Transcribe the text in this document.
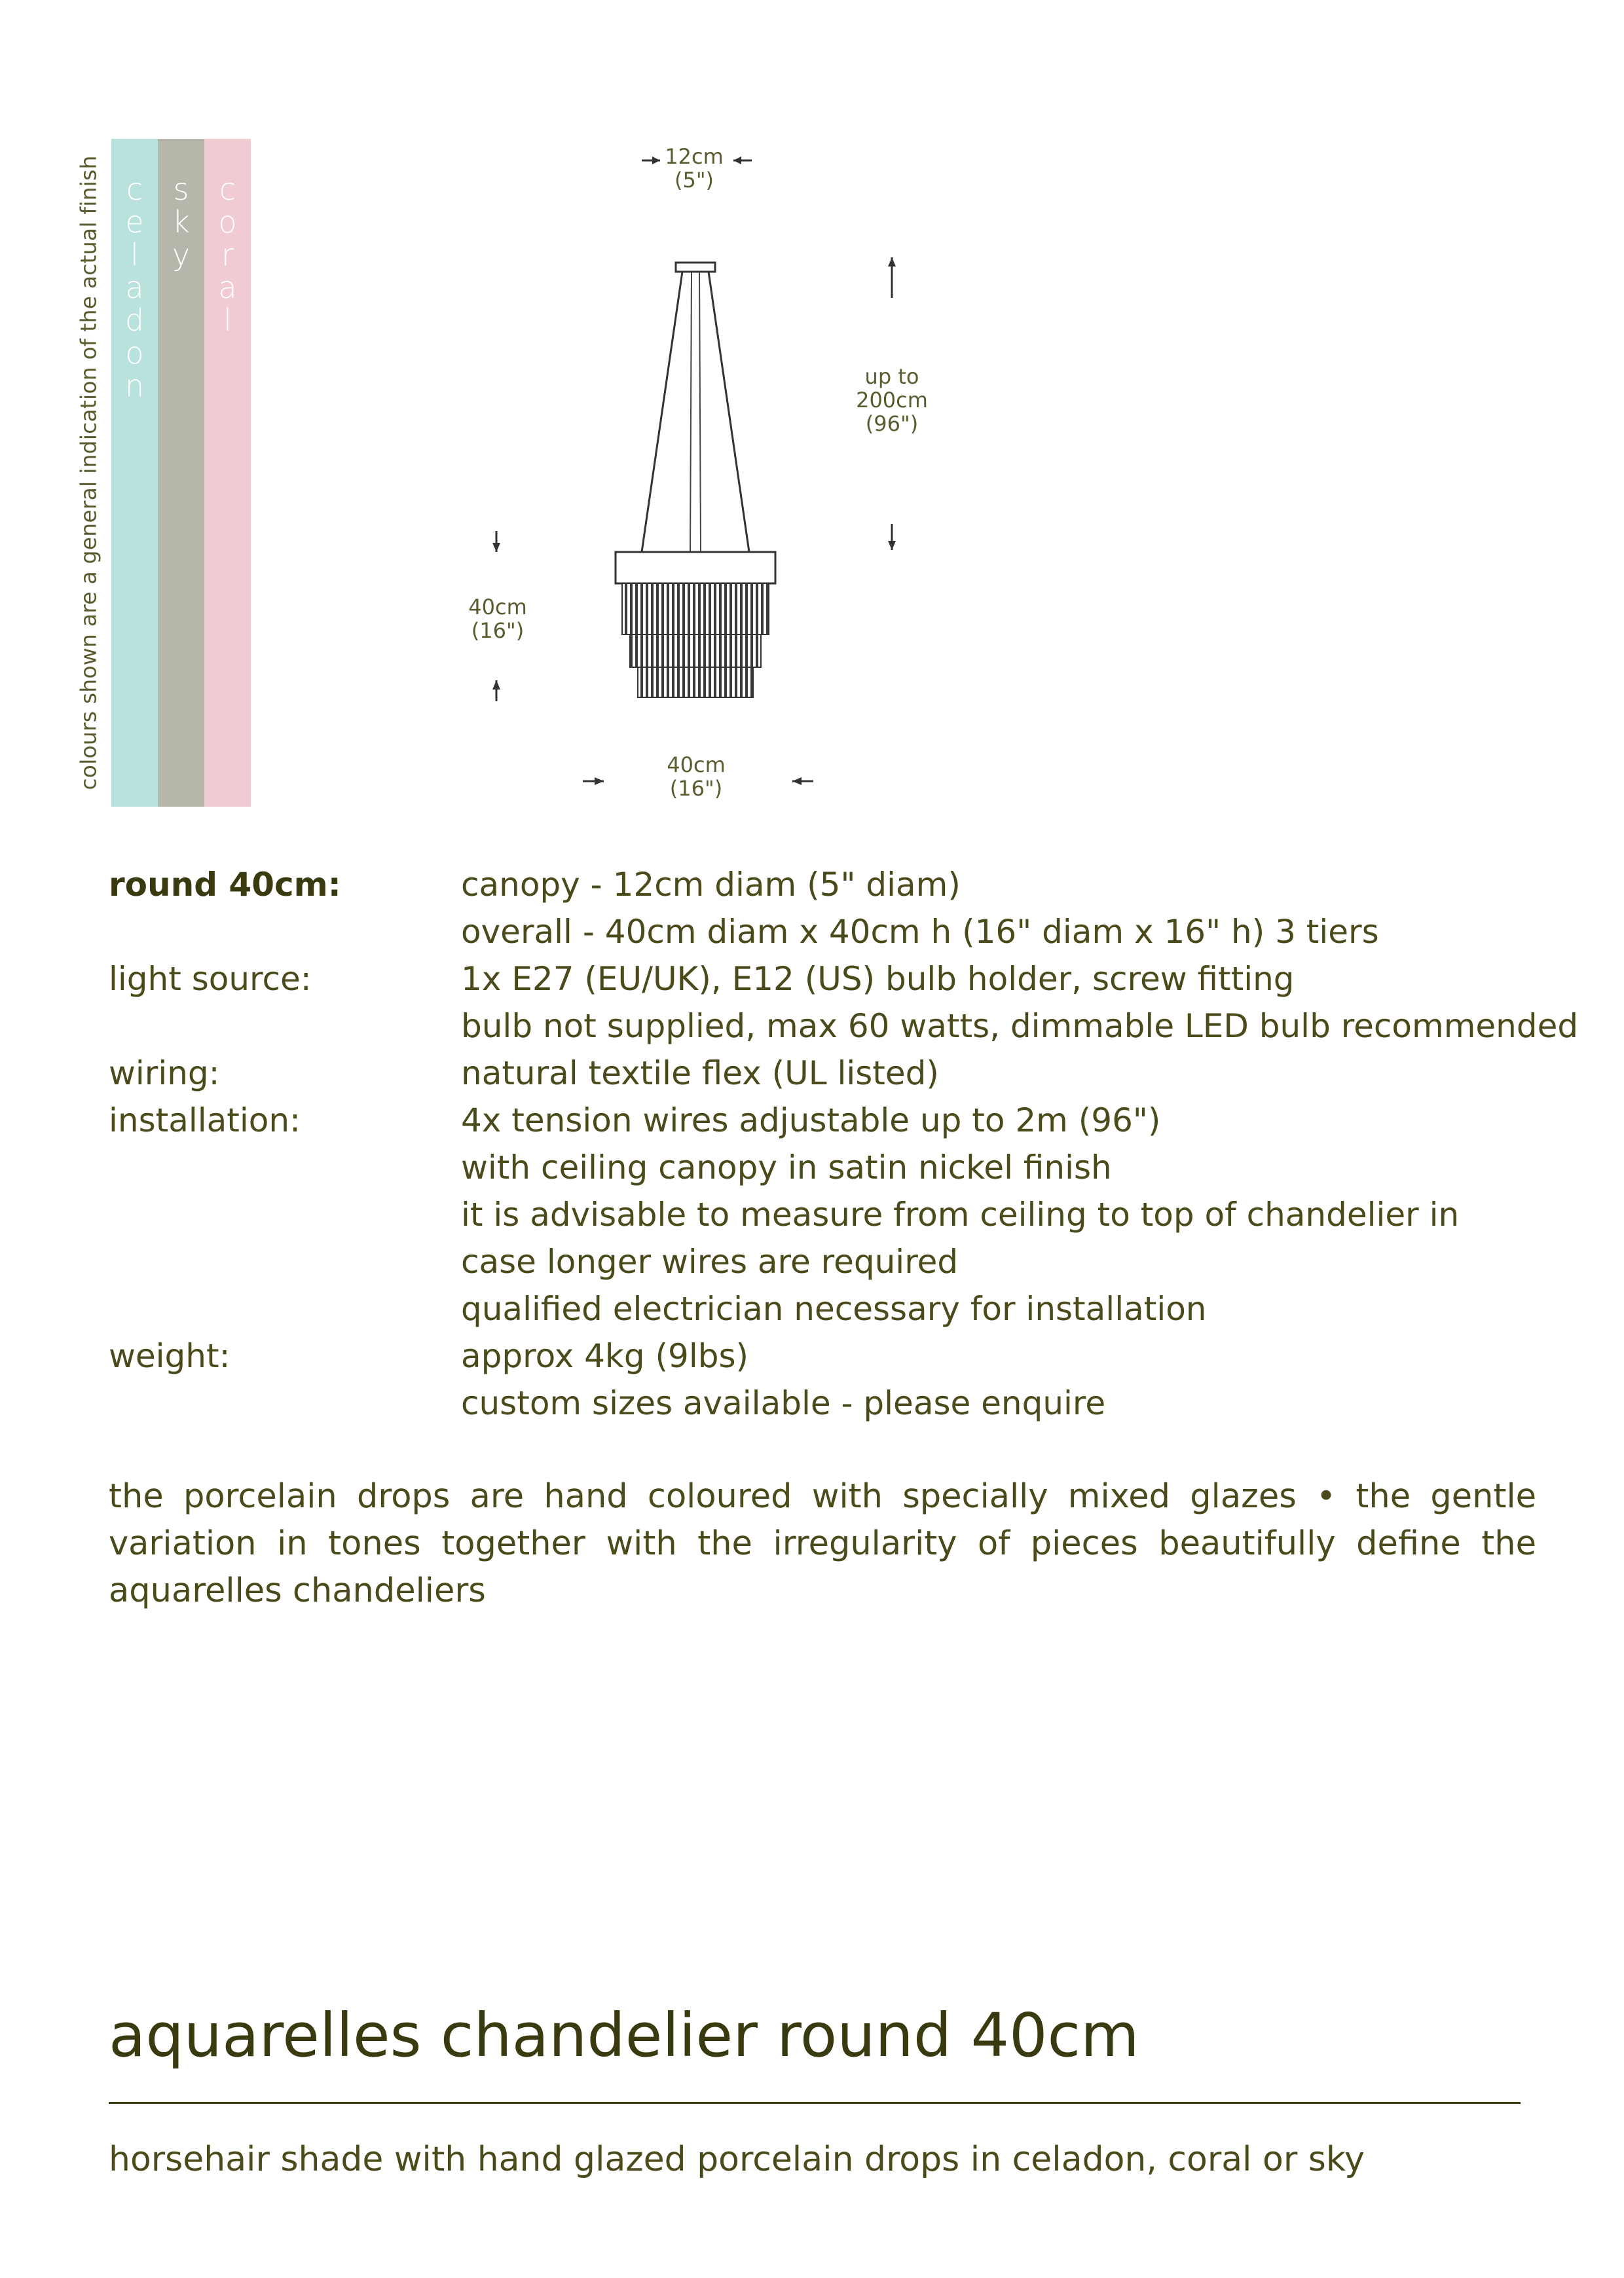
colours shown are a general indication of the actual finish c
e
l
a
d
o
n
s
k
y
c
o
r
a
l
12cm
(5")
up to
200cm
(96")
40cm
(16")
40cm
(16")
round 40cm:	canopy - 12cm diam (5" diam)
overall - 40cm diam x 40cm h (16" diam x 16" h) 3 tiers
light source:	1x E27 (EU/UK), E12 (US) bulb holder, screw fitting
bulb not supplied, max 60 watts, dimmable LED bulb recommended
wiring:	natural textile flex (UL listed)
installation:	4x tension wires adjustable up to 2m (96")
with ceiling canopy in satin nickel finish
it is advisable to measure from ceiling to top of chandelier in
case longer wires are required
qualified electrician necessary for installation
weight:	approx 4kg (9lbs)
custom sizes available - please enquire
the porcelain drops are hand coloured with specially mixed glazes • the gentle variation in tones together with the irregularity of pieces beautifully define the aquarelles chandeliers
aquarelles chandelier round 40cm
horsehair shade with hand glazed porcelain drops in celadon, coral or sky
